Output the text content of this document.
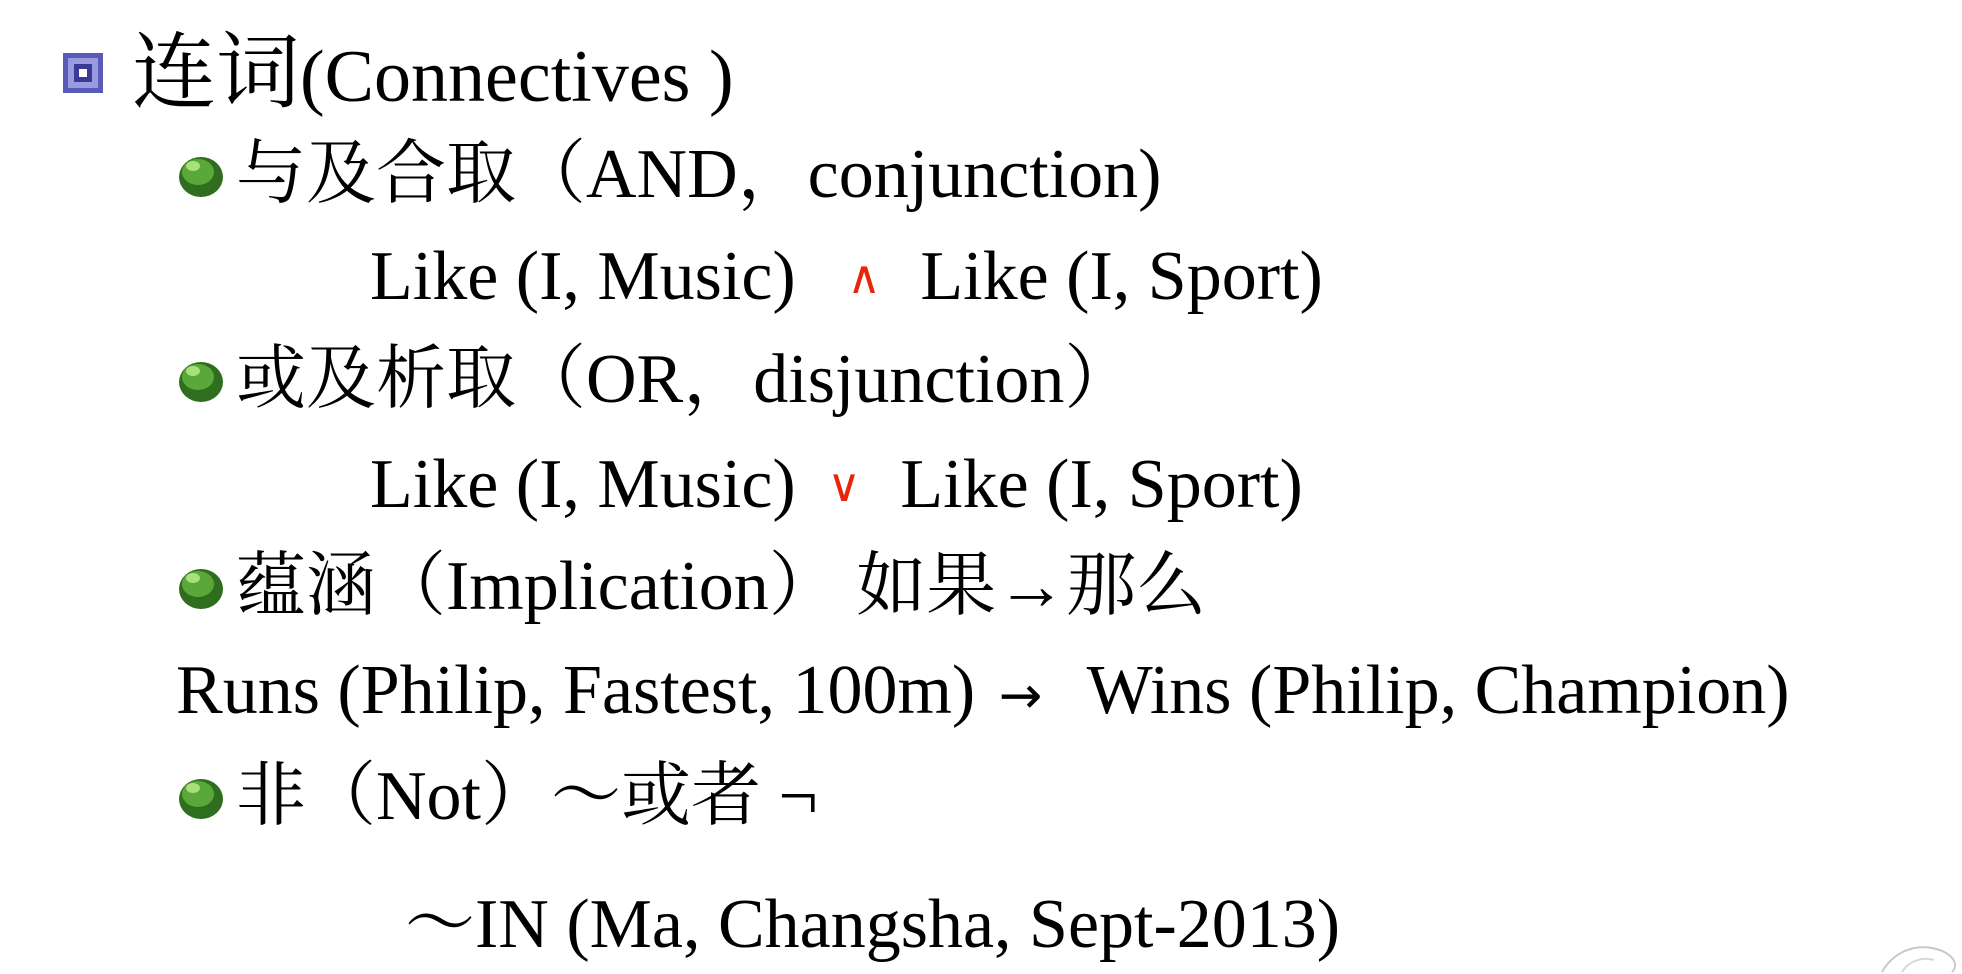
连词(Connectives )
与及合取（AND，conjunction)
Like (I, Music) ∧ Like (I, Sport)
或及析取（OR，disjunction）
Like (I, Music) ∨ Like (I, Sport)
蕴涵（Implication） 如果→那么
Runs (Philip, Fastest, 100m) → Wins (Philip, Champion)
非（Not）～或者 ¬
～IN (Ma, Changsha, Sept-2013)
